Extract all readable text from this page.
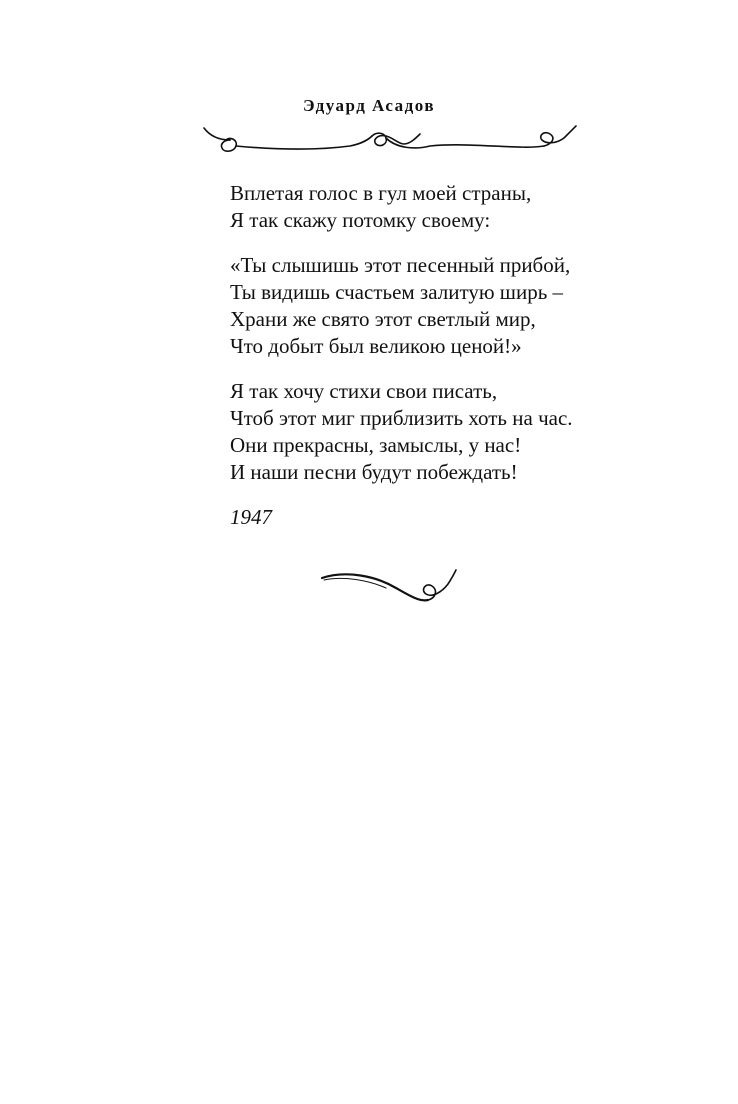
Эдуард Асадов
Вплетая голос в гул моей страны,
Я так скажу потомку своему:
«Ты слышишь этот песенный прибой,
Ты видишь счастьем залитую ширь –
Храни же свято этот светлый мир,
Что добыт был великою ценой!»
Я так хочу стихи свои писать,
Чтоб этот миг приблизить хоть на час.
Они прекрасны, замыслы, у нас!
И наши песни будут побеждать!
1947
